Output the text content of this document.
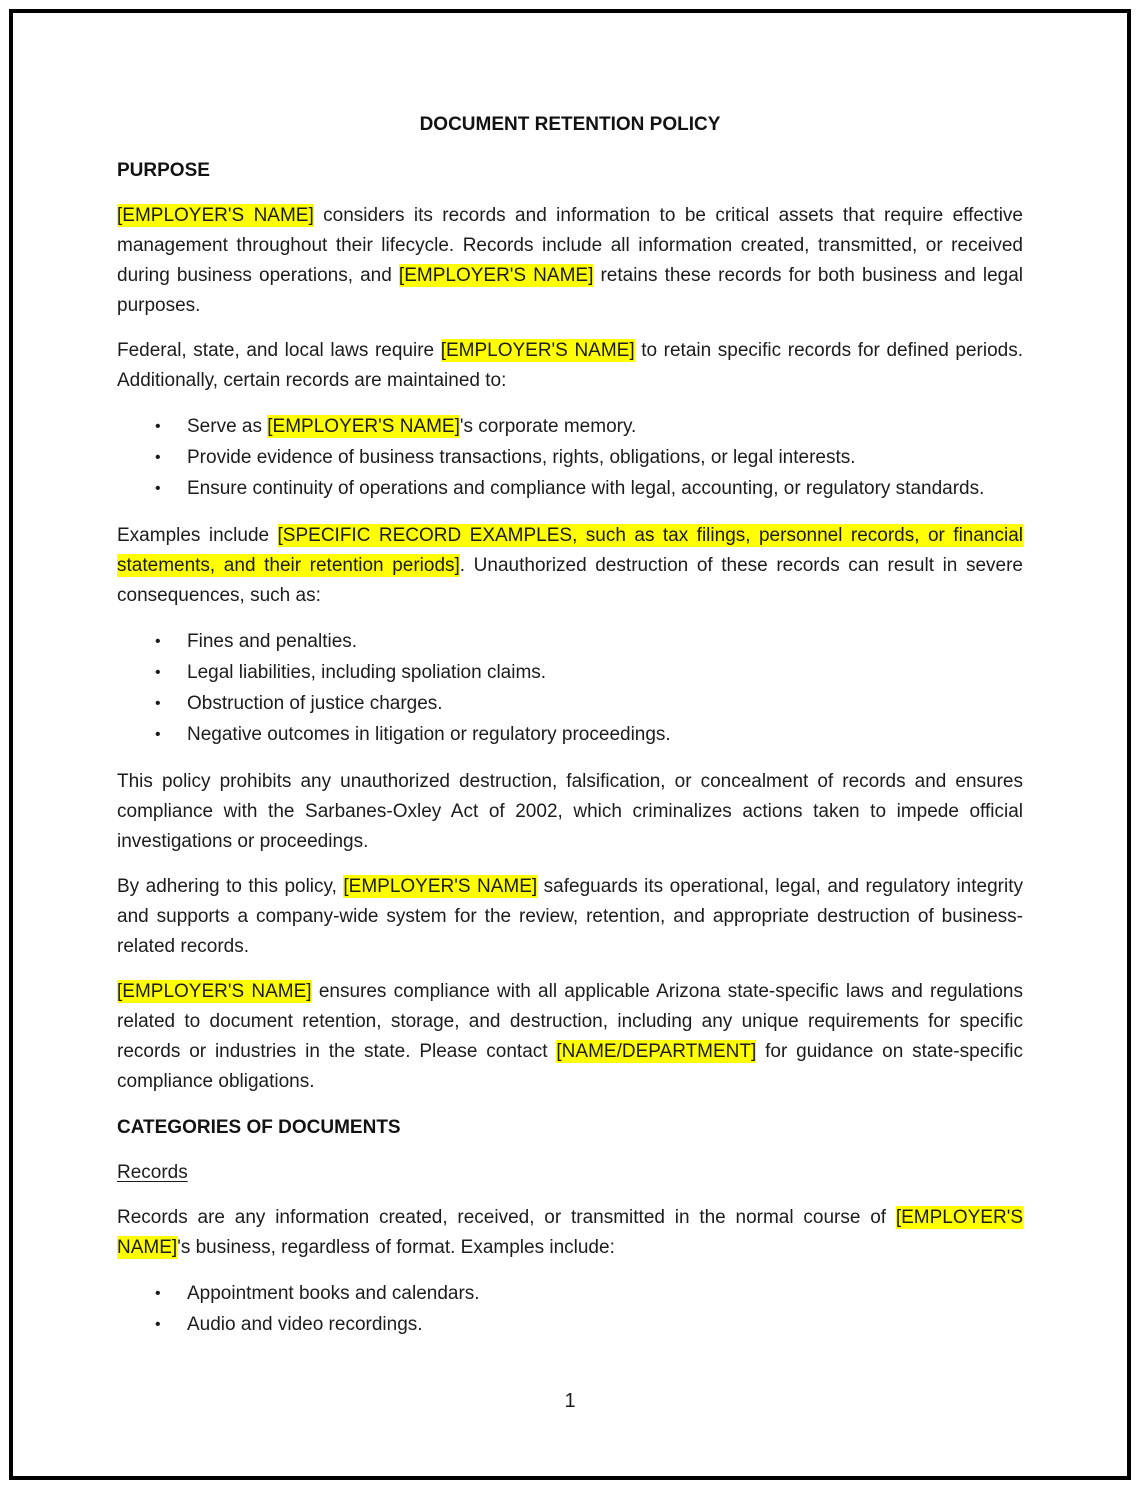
DOCUMENT RETENTION POLICY
PURPOSE

[EMPLOYER'S NAME] considers its records and information to be critical assets that require effective management throughout their lifecycle. Records include all information created, transmitted, or received during business operations, and [EMPLOYER'S NAME] retains these records for both business and legal purposes.

Federal, state, and local laws require [EMPLOYER'S NAME] to retain specific records for defined periods. Additionally, certain records are maintained to:

•	Serve as [EMPLOYER'S NAME]'s corporate memory.
•	Provide evidence of business transactions, rights, obligations, or legal interests.
•	Ensure continuity of operations and compliance with legal, accounting, or regulatory standards.

Examples include [SPECIFIC RECORD EXAMPLES, such as tax filings, personnel records, or financial statements, and their retention periods]. Unauthorized destruction of these records can result in severe consequences, such as:

•	Fines and penalties.
•	Legal liabilities, including spoliation claims.
•	Obstruction of justice charges.
•	Negative outcomes in litigation or regulatory proceedings.

This policy prohibits any unauthorized destruction, falsification, or concealment of records and ensures compliance with the Sarbanes-Oxley Act of 2002, which criminalizes actions taken to impede official investigations or proceedings.

By adhering to this policy, [EMPLOYER'S NAME] safeguards its operational, legal, and regulatory integrity and supports a company-wide system for the review, retention, and appropriate destruction of business-related records.

[EMPLOYER'S NAME] ensures compliance with all applicable Arizona state-specific laws and regulations related to document retention, storage, and destruction, including any unique requirements for specific records or industries in the state. Please contact [NAME/DEPARTMENT] for guidance on state-specific compliance obligations.

CATEGORIES OF DOCUMENTS
Records

Records are any information created, received, or transmitted in the normal course of [EMPLOYER'S NAME]'s business, regardless of format. Examples include:

•	Appointment books and calendars.
•	Audio and video recordings.
1
